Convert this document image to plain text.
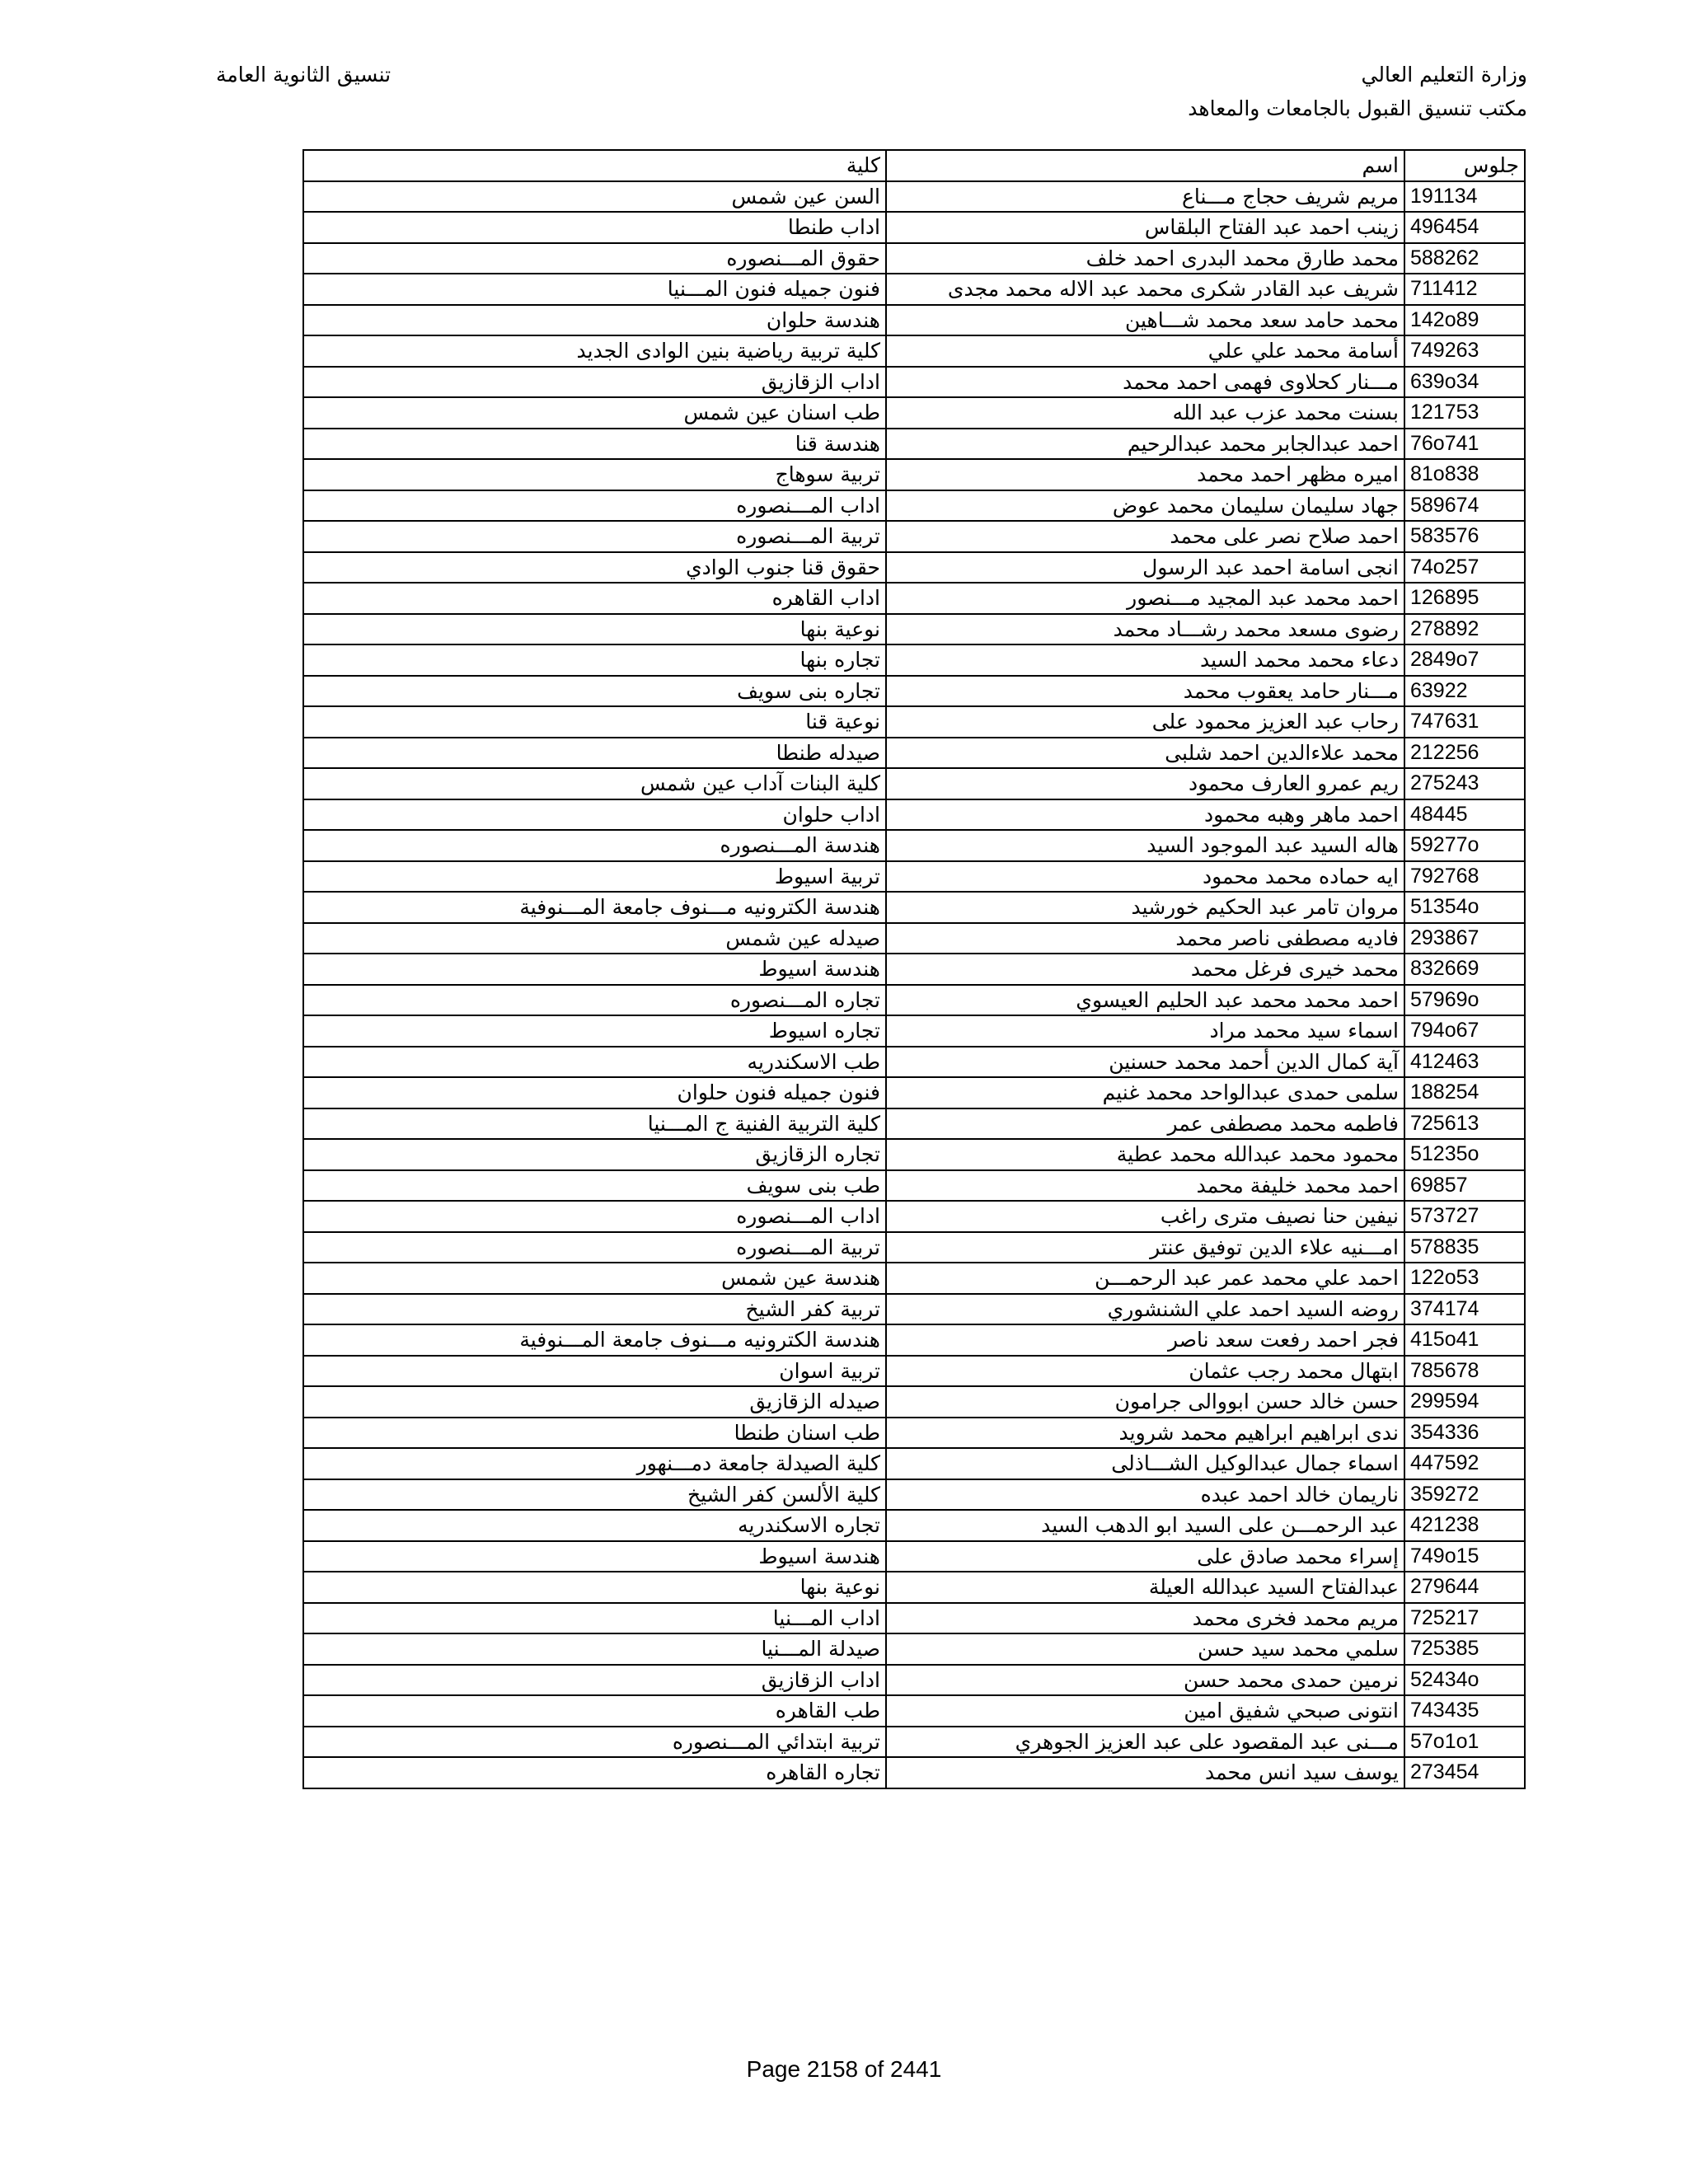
وزارة التعليم العالي
مكتب تنسيق القبول بالجامعات والمعاهد
تنسيق الثانوية العامة
كلية	اسم	جلوس
السن عين شمس	مريم شريف حجاج مـــناع	191134
اداب طنطا	زينب احمد عبد الفتاح البلقاس	496454
حقوق المـــنصوره	محمد طارق محمد البدرى احمد خلف	588262
فنون جميله فنون المـــنيا	شريف عبد القادر شكرى محمد عبد الاله محمد مجدى	711412
هندسة حلوان	محمد حامد سعد محمد شـــاهين	142o89
كلية تربية رياضية بنين الوادى الجديد	أسامة محمد علي علي	749263
اداب الزقازيق	مـــنار كحلاوى فهمى احمد محمد	639o34
طب اسنان عين شمس	بسنت محمد عزب عبد الله	121753
هندسة قنا	احمد عبدالجابر محمد عبدالرحيم	76o741
تربية سوهاج	اميره مظهر احمد محمد	81o838
اداب المـــنصوره	جهاد سليمان سليمان محمد عوض	589674
تربية المـــنصوره	احمد صلاح نصر على محمد	583576
حقوق قنا جنوب الوادي	انجى اسامة احمد عبد الرسول	74o257
اداب القاهره	احمد محمد عبد المجيد مـــنصور	126895
نوعية بنها	رضوى مسعد محمد رشـــاد محمد	278892
تجاره بنها	دعاء محمد محمد السيد	2849o7
تجاره بنى سويف	مـــنار حامد يعقوب محمد	63922
نوعية قنا	رحاب عبد العزيز محمود على	747631
صيدله طنطا	محمد علاءالدين احمد شلبى	212256
كلية البنات آداب عين شمس	ريم عمرو العارف محمود	275243
اداب حلوان	احمد ماهر وهبه محمود	48445
هندسة المـــنصوره	هاله السيد عبد الموجود السيد	59277o
تربية اسيوط	ايه حماده محمد محمود	792768
هندسة الكترونيه مـــنوف جامعة المـــنوفية	مروان تامر عبد الحكيم خورشيد	51354o
صيدله عين شمس	فاديه مصطفى ناصر محمد	293867
هندسة اسيوط	محمد خيرى فرغل محمد	832669
تجاره المـــنصوره	احمد محمد محمد عبد الحليم العيسوي	57969o
تجاره اسيوط	اسماء سيد محمد مراد	794o67
طب الاسكندريه	آية كمال الدين أحمد محمد حسنين	412463
فنون جميله فنون حلوان	سلمى حمدى عبدالواحد محمد غنيم	188254
كلية التربية الفنية ج المـــنيا	فاطمه محمد مصطفى عمر	725613
تجاره الزقازيق	محمود محمد عبدالله محمد عطية	51235o
طب بنى سويف	احمد محمد خليفة محمد	69857
اداب المـــنصوره	نيفين حنا نصيف مترى راغب	573727
تربية المـــنصوره	امـــنيه علاء الدين توفيق عنتر	578835
هندسة عين شمس	احمد علي محمد عمر عبد الرحمـــن	122o53
تربية كفر الشيخ	روضه السيد احمد علي الشنشوري	374174
هندسة الكترونيه مـــنوف جامعة المـــنوفية	فجر احمد رفعت سعد ناصر	415o41
تربية اسوان	ابتهال محمد رجب عثمان	785678
صيدله الزقازيق	حسن خالد حسن ابووالى جرامون	299594
طب اسنان طنطا	ندى ابراهيم ابراهيم محمد شرويد	354336
كلية الصيدلة جامعة دمـــنهور	اسماء جمال عبدالوكيل الشـــاذلى	447592
كلية الألسن كفر الشيخ	ناريمان خالد احمد عبده	359272
تجاره الاسكندريه	عبد الرحمـــن على السيد ابو الدهب السيد	421238
هندسة اسيوط	إسراء محمد صادق على	749o15
نوعية بنها	عبدالفتاح السيد عبدالله العيلة	279644
اداب المـــنيا	مريم محمد فخرى محمد	725217
صيدلة المـــنيا	سلمي محمد سيد حسن	725385
اداب الزقازيق	نرمين حمدى محمد حسن	52434o
طب القاهره	انتونى صبحي شفيق امين	743435
تربية ابتدائي المـــنصوره	مـــنى عبد المقصود على عبد العزيز الجوهري	57o1o1
تجاره القاهره	يوسف سيد انس محمد	273454
Page 2158 of 2441
